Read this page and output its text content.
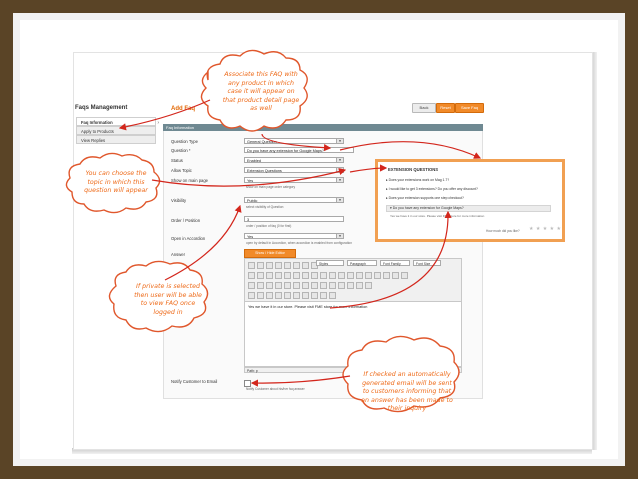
Faqs Management
Faq Information	›
Apply to Products
View Replies
Add Faq	Back	Reset	Save Faq
Faq Information
Question Type	General Question	▾
Question *	Do you have any extension for Google Maps?
Status	Enabled	▾
Allow Topic	Extension Questions	▾
Show on main page	Yes	▾
show on main page order category
Visibility	Public	▾
select visibility of Question
Order / Position	3
order / position of faq (0 for first)
Open in Accordion	Yes	▾
open by default in Accordion, when accordion is enabled from configuration
Answer	Show / Hide Editor
Styles	Paragraph	Font Family	Font Size
Yes we have it in our store. Please visit FME store for more information
Path: p
Notify Customer to Email
Notify Customer about his/her faq answer
EXTENSION QUESTIONS
▸ Does your extensions work on Mag 1.7?
▸ I would like to get 3 extensions? Do you offer any discount?
▸ Does your extension supports one step checkout?
▾ Do you have any extension for Google Maps?
Yes we have it in our store. Please visit FME store for more information
How much did you like? ★ ★ ★ ★ ★
Associate this FAQ with
any product in which
case it will appear on
that product detail page
as well
You can choose the
topic in which this
question will appear
If private is selected
then user will be able
to view FAQ once
logged in
If checked an automatically
generated email will be sent
to customers informing that
an answer has been made to
their inquiry
